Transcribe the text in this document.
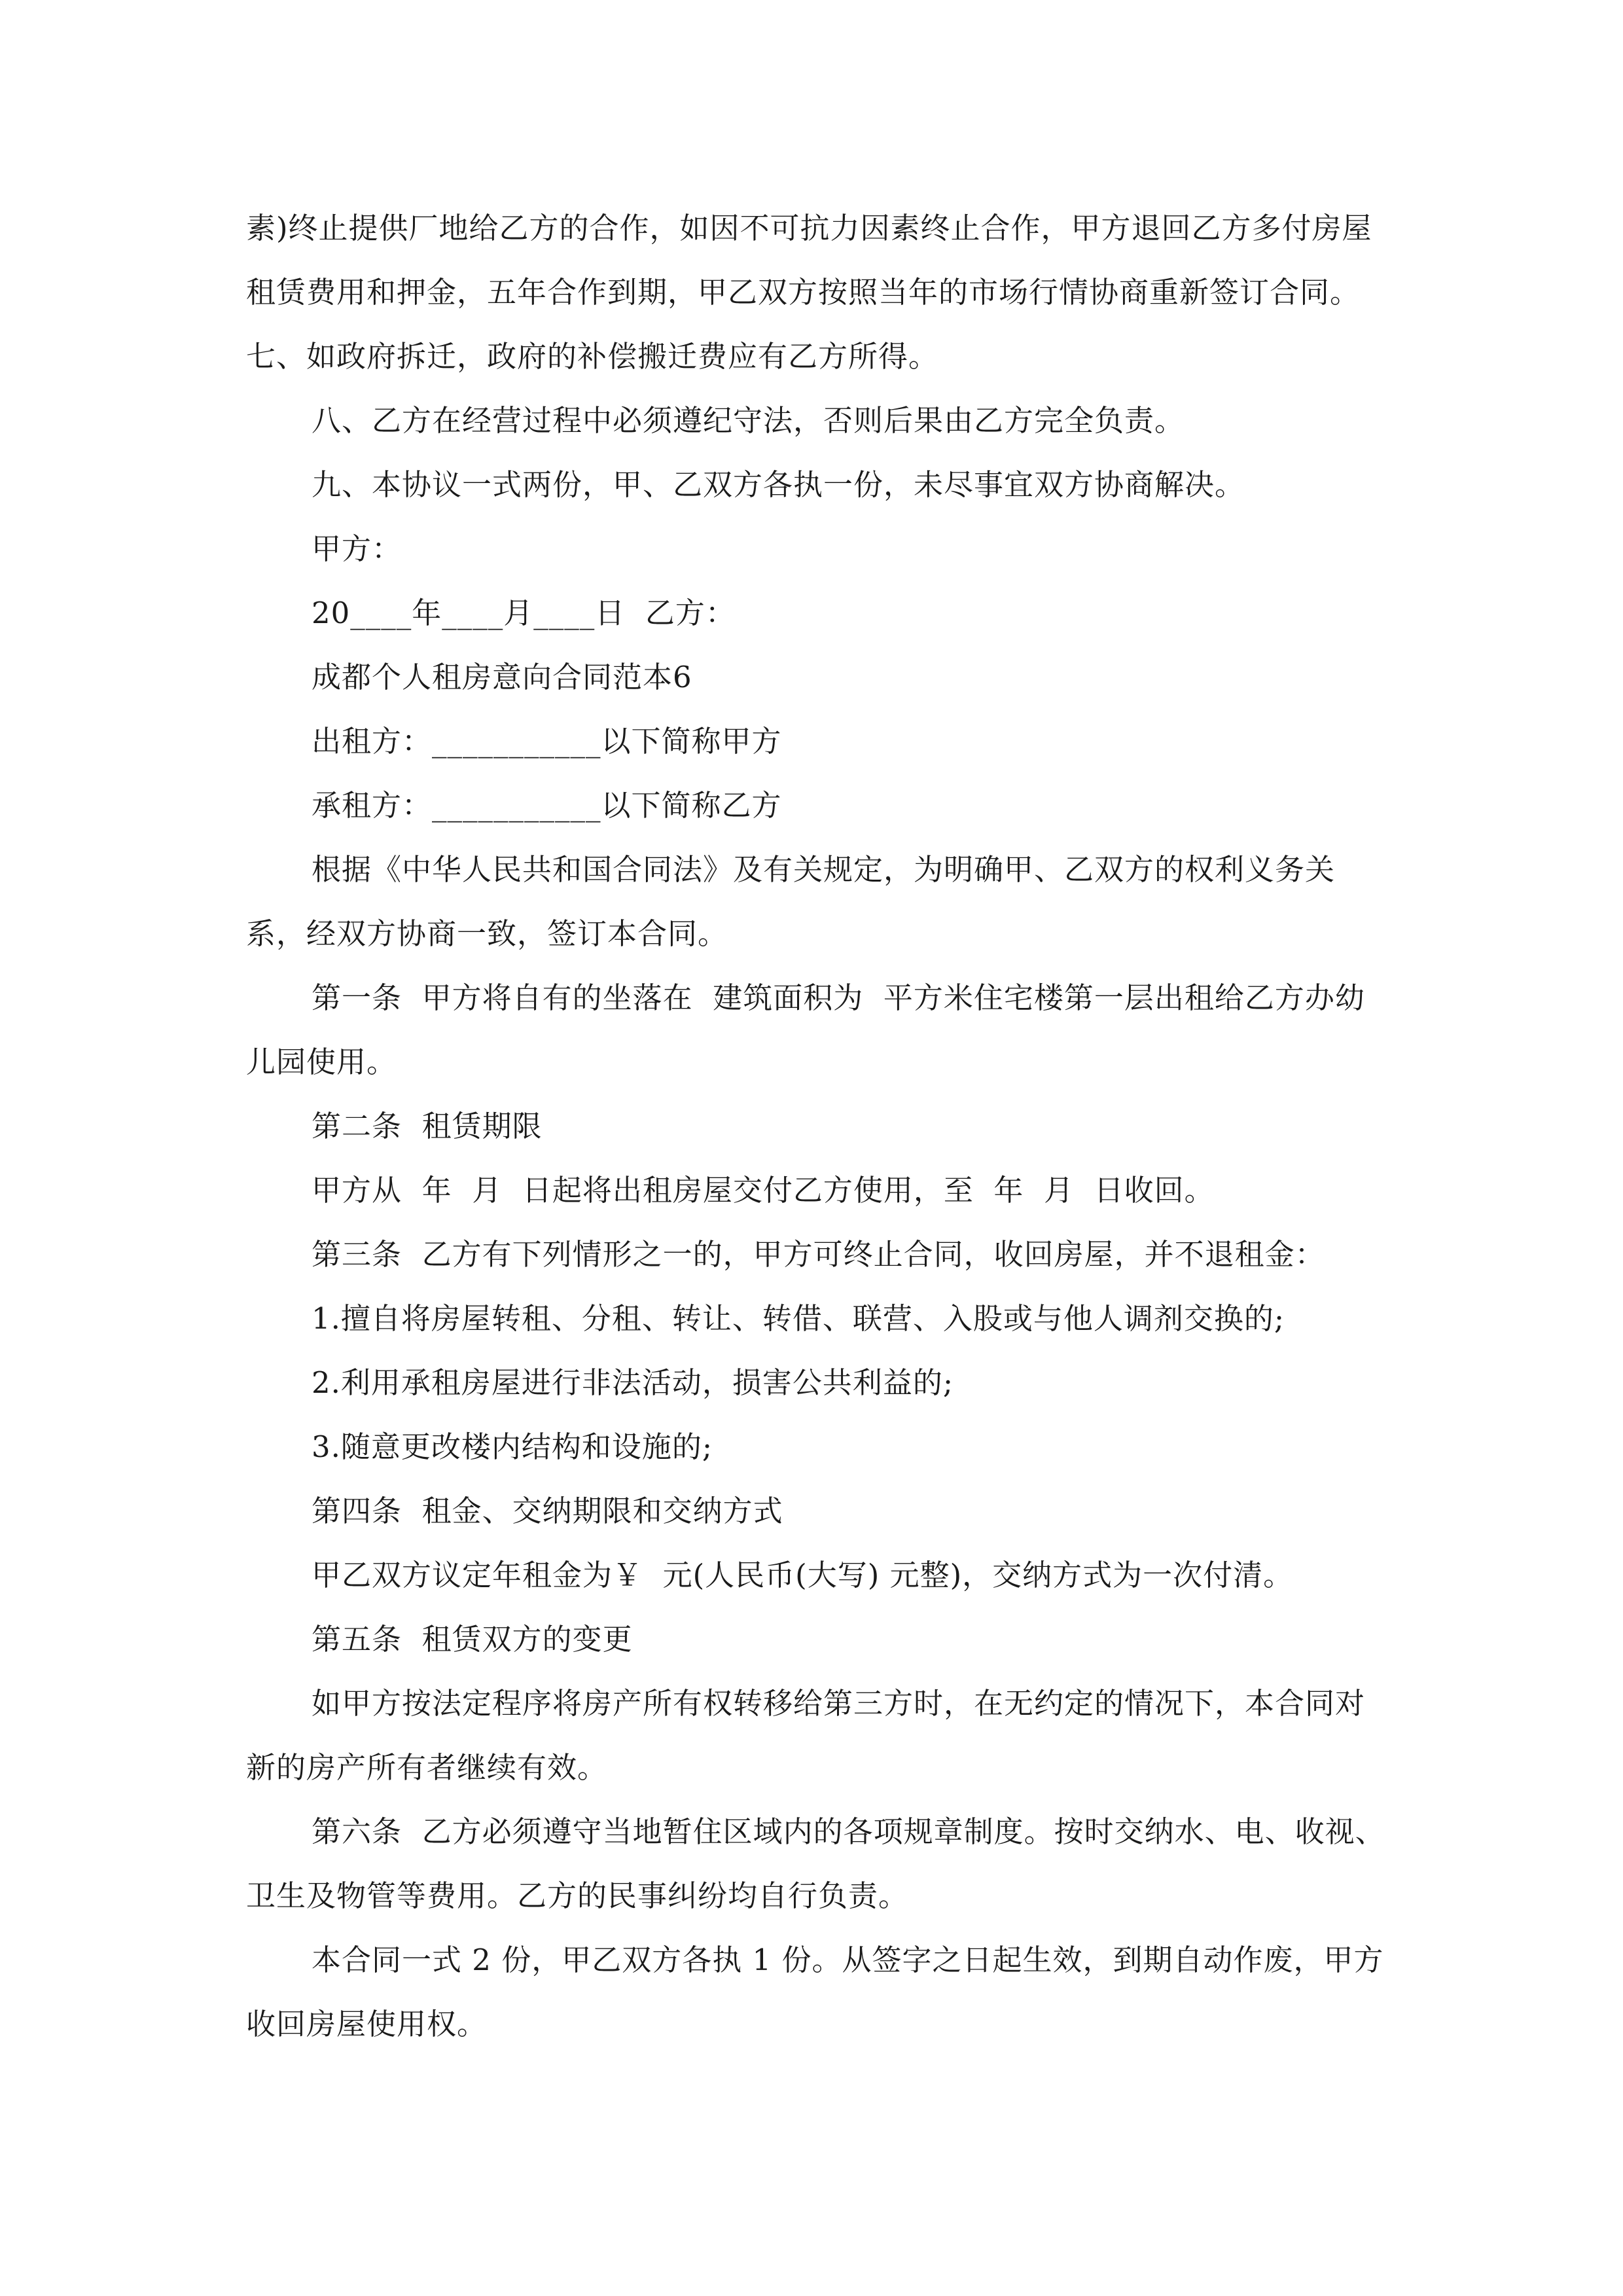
素)终止提供厂地给乙方的合作，如因不可抗力因素终止合作，甲方退回乙方多付房屋租赁费用和押金，五年合作到期，甲乙双方按照当年的市场行情协商重新签订合同。七、如政府拆迁，政府的补偿搬迁费应有乙方所得。

八、乙方在经营过程中必须遵纪守法，否则后果由乙方完全负责。

九、本协议一式两份，甲、乙双方各执一份，未尽事宜双方协商解决。

甲方：

20____年____月____日  乙方：

成都个人租房意向合同范本6

出租方：___________以下简称甲方

承租方：___________以下简称乙方

根据《中华人民共和国合同法》及有关规定，为明确甲、乙双方的权利义务关系，经双方协商一致，签订本合同。

第一条  甲方将自有的坐落在  建筑面积为  平方米住宅楼第一层出租给乙方办幼儿园使用。

第二条  租赁期限

甲方从  年  月  日起将出租房屋交付乙方使用，至  年  月  日收回。

第三条  乙方有下列情形之一的，甲方可终止合同，收回房屋，并不退租金：

1.擅自将房屋转租、分租、转让、转借、联营、入股或与他人调剂交换的;

2.利用承租房屋进行非法活动，损害公共利益的;

3.随意更改楼内结构和设施的;

第四条  租金、交纳期限和交纳方式

甲乙双方议定年租金为￥  元(人民币(大写) 元整)，交纳方式为一次付清。

第五条  租赁双方的变更

如甲方按法定程序将房产所有权转移给第三方时，在无约定的情况下，本合同对新的房产所有者继续有效。

第六条  乙方必须遵守当地暂住区域内的各项规章制度。按时交纳水、电、收视、卫生及物管等费用。乙方的民事纠纷均自行负责。

本合同一式 2 份，甲乙双方各执 1 份。从签字之日起生效，到期自动作废，甲方收回房屋使用权。
